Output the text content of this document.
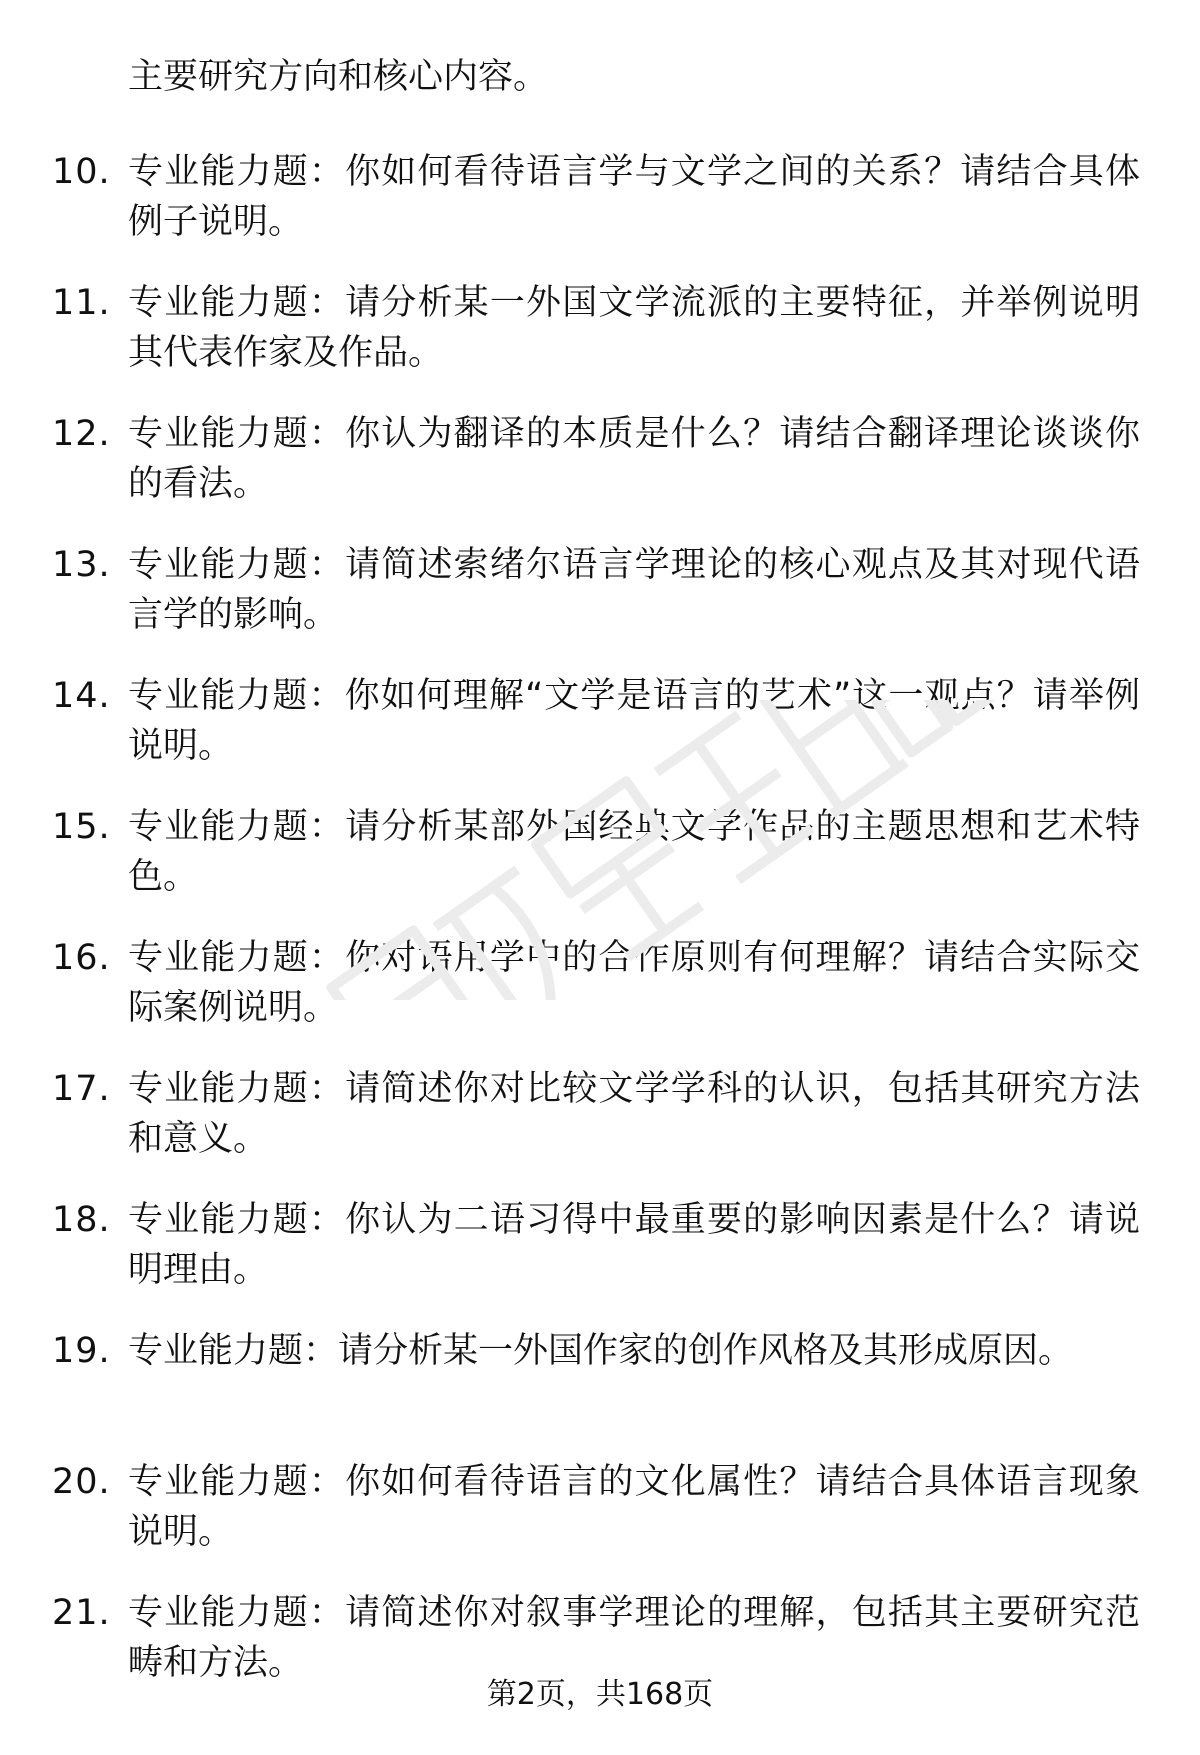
主要研究方向和核心内容。

10. 专业能力题：你如何看待语言学与文学之间的关系？请结合具体例子说明。
11. 专业能力题：请分析某一外国文学流派的主要特征，并举例说明其代表作家及作品。
12. 专业能力题：你认为翻译的本质是什么？请结合翻译理论谈谈你的看法。
13. 专业能力题：请简述索绪尔语言学理论的核心观点及其对现代语言学的影响。
14. 专业能力题：你如何理解“文学是语言的艺术”这一观点？请举例说明。
15. 专业能力题：请分析某部外国经典文学作品的主题思想和艺术特色。
16. 专业能力题：你对语用学中的合作原则有何理解？请结合实际交际案例说明。
17. 专业能力题：请简述你对比较文学学科的认识，包括其研究方法和意义。
18. 专业能力题：你认为二语习得中最重要的影响因素是什么？请说明理由。
19. 专业能力题：请分析某一外国作家的创作风格及其形成原因。
20. 专业能力题：你如何看待语言的文化属性？请结合具体语言现象说明。
21. 专业能力题：请简述你对叙事学理论的理解，包括其主要研究范畴和方法。
第2页，共168页
